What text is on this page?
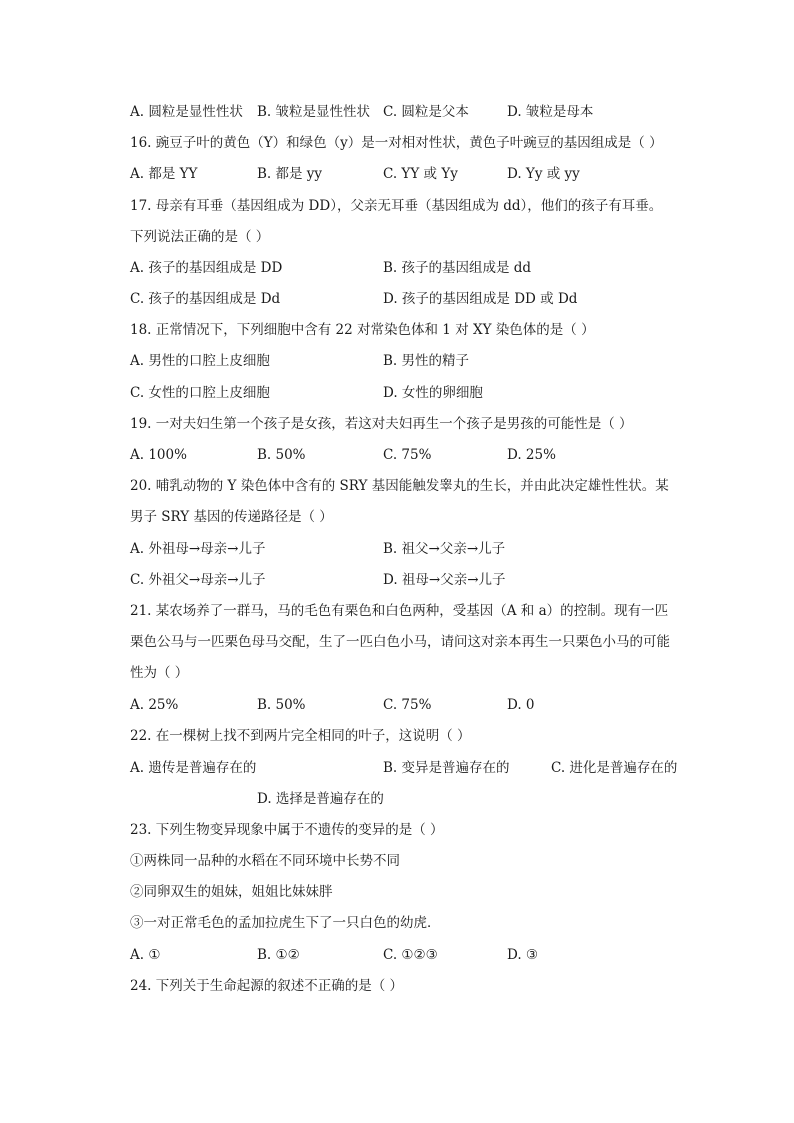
A. 圆粒是显性性状 B. 皱粒是显性性状 C. 圆粒是父本	D. 皱粒是母本
16. 豌豆子叶的黄色（Y）和绿色（y）是一对相对性状，黄色子叶豌豆的基因组成是（ ）
A. 都是 YY	B. 都是 yy	C. YY 或 Yy	D. Yy 或 yy
17. 母亲有耳垂（基因组成为 DD），父亲无耳垂（基因组成为 dd），他们的孩子有耳垂。
下列说法正确的是（ ）
A. 孩子的基因组成是 DD	B. 孩子的基因组成是 dd
C. 孩子的基因组成是 Dd	D. 孩子的基因组成是 DD 或 Dd
18. 正常情况下，下列细胞中含有 22 对常染色体和 1 对 XY 染色体的是（ ）
A. 男性的口腔上皮细胞	B. 男性的精子
C. 女性的口腔上皮细胞	D. 女性的卵细胞
19. 一对夫妇生第一个孩子是女孩，若这对夫妇再生一个孩子是男孩的可能性是（ ）
A. 100%	B. 50%	C. 75%	D. 25%
20. 哺乳动物的 Y 染色体中含有的 SRY 基因能触发睾丸的生长，并由此决定雄性性状。某
男子 SRY 基因的传递路径是（ ）
A. 外祖母→母亲→儿子	B. 祖父→父亲→儿子
C. 外祖父→母亲→儿子	D. 祖母→父亲→儿子
21. 某农场养了一群马，马的毛色有栗色和白色两种，受基因（A 和 a）的控制。现有一匹
栗色公马与一匹栗色母马交配，生了一匹白色小马，请问这对亲本再生一只栗色小马的可能
性为（ ）
A. 25%	B. 50%	C. 75%	D. 0
22. 在一棵树上找不到两片完全相同的叶子，这说明（ ）
A. 遗传是普遍存在的	B. 变异是普遍存在的	C. 进化是普遍存在的
D. 选择是普遍存在的
23. 下列生物变异现象中属于不遗传的变异的是（ ）
①两株同一品种的水稻在不同环境中长势不同
②同卵双生的姐妹，姐姐比妹妹胖
③一对正常毛色的孟加拉虎生下了一只白色的幼虎．
A. ①	B. ①②	C. ①②③	D. ③
24. 下列关于生命起源的叙述不正确的是（ ）
